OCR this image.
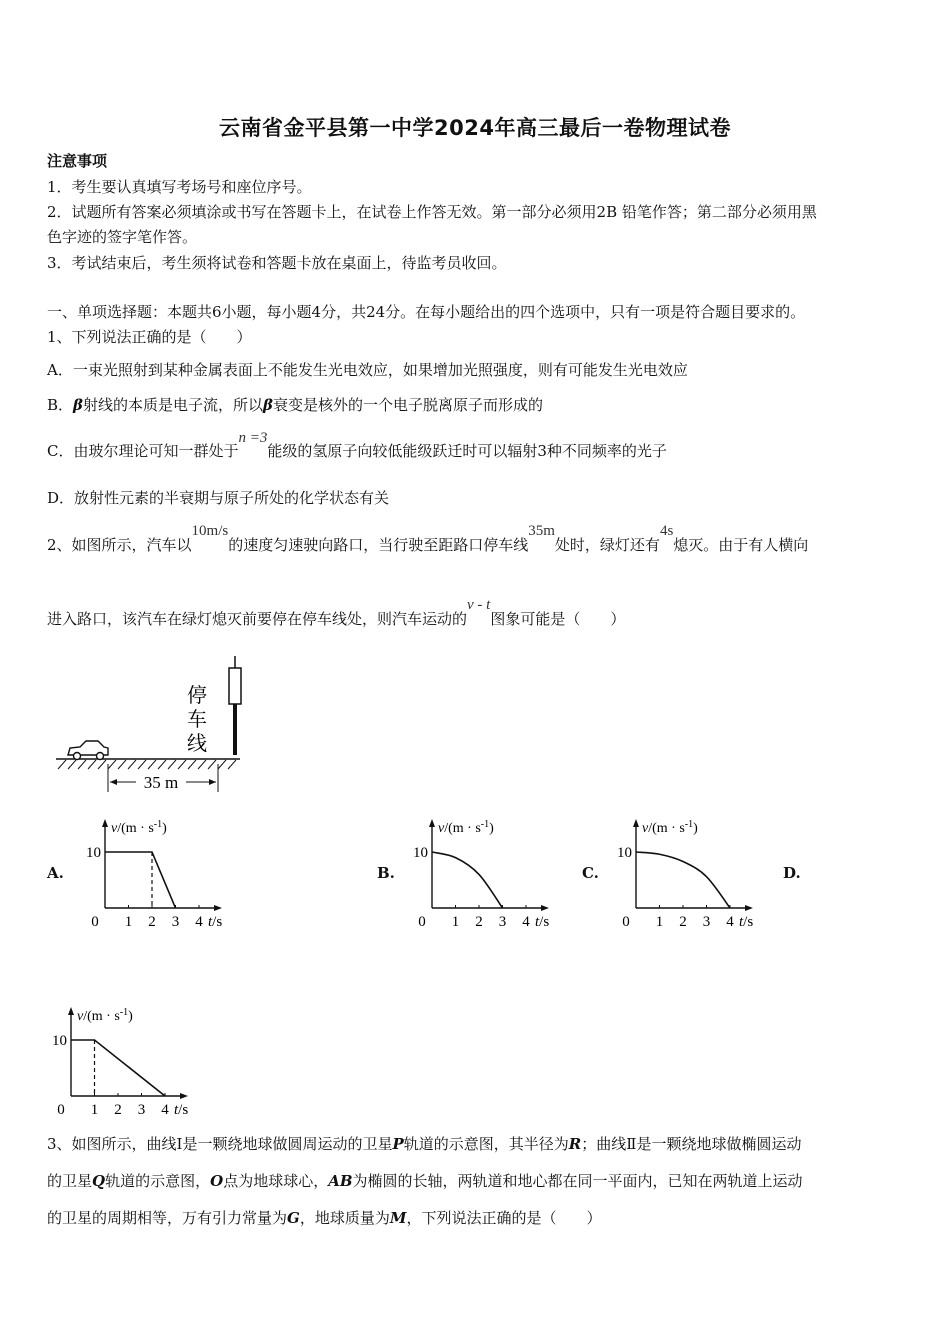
云南省金平县第一中学2024年高三最后一卷物理试卷
注意事项
1．考生要认真填写考场号和座位序号。
2．试题所有答案必须填涂或书写在答题卡上，在试卷上作答无效。第一部分必须用2B 铅笔作答；第二部分必须用黑
色字迹的签字笔作答。
3．考试结束后，考生须将试卷和答题卡放在桌面上，待监考员收回。
一、单项选择题：本题共6小题，每小题4分，共24分。在每小题给出的四个选项中，只有一项是符合题目要求的。
1、下列说法正确的是（　　）
A．一束光照射到某种金属表面上不能发生光电效应，如果增加光照强度，则有可能发生光电效应
B．β射线的本质是电子流，所以β衰变是核外的一个电子脱离原子而形成的
C．由玻尔理论可知一群处于n =3能级的氢原子向较低能级跃迁时可以辐射3种不同频率的光子
D．放射性元素的半衰期与原子所处的化学状态有关
2、如图所示，汽车以10m/s的速度匀速驶向路口，当行驶至距路口停车线35m处时，绿灯还有4s熄灭。由于有人横向
进入路口，该汽车在绿灯熄灭前要停在停车线处，则汽车运动的v - t图象可能是（　　）
停
车
线
35 m
A.	B.	C.	D.
$v/(m \cdot s^{-1})$
10
0 1 2 3 4 t/s
$v/(m \cdot s^{-1})$
10
0 1 2 3 4 t/s
$v/(m \cdot s^{-1})$
10
0 1 2 3 4 t/s
$v/(m \cdot s^{-1})$
10
0 1 2 3 4 t/s
3、如图所示，曲线Ⅰ是一颗绕地球做圆周运动的卫星P轨道的示意图，其半径为R；曲线Ⅱ是一颗绕地球做椭圆运动
的卫星Q轨道的示意图，O点为地球球心，AB为椭圆的长轴，两轨道和地心都在同一平面内，已知在两轨道上运动
的卫星的周期相等，万有引力常量为G，地球质量为M，下列说法正确的是（　　）
